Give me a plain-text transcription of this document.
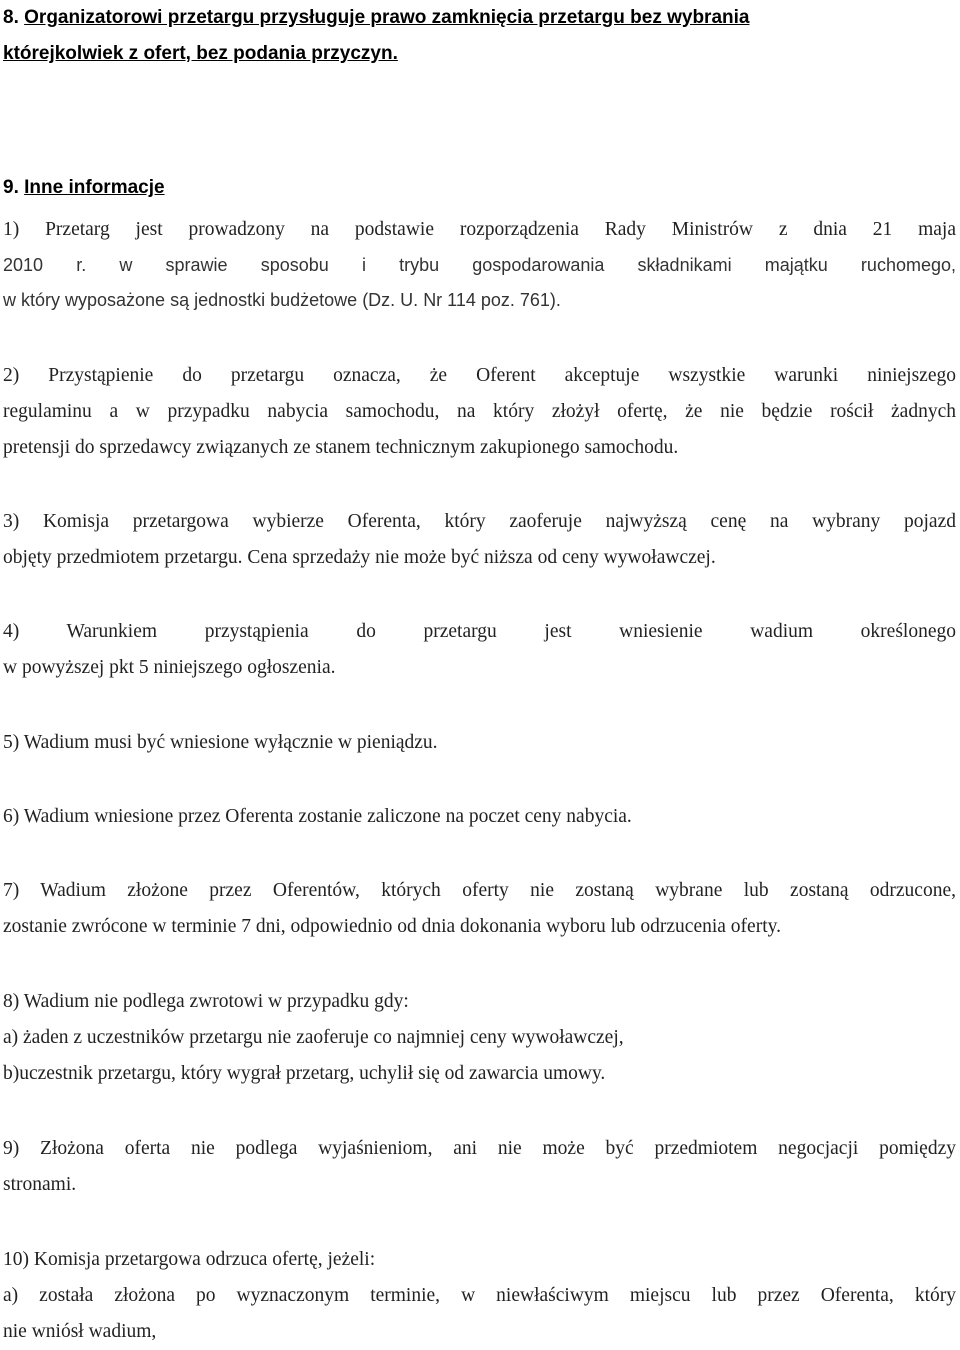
8. Organizatorowi przetargu przysługuje prawo zamknięcia przetargu bez wybrania

którejkolwiek z ofert, bez podania przyczyn.

9. Inne informacje

1) Przetarg jest prowadzony na podstawie rozporządzenia Rady Ministrów z dnia 21 maja

2010 r. w sprawie sposobu i trybu gospodarowania składnikami majątku ruchomego,

w który wyposażone są jednostki budżetowe (Dz. U. Nr 114 poz. 761).

2) Przystąpienie do przetargu oznacza, że Oferent akceptuje wszystkie warunki niniejszego

regulaminu a w przypadku nabycia samochodu, na który złożył ofertę, że nie będzie rościł żadnych

pretensji do sprzedawcy związanych ze stanem technicznym zakupionego samochodu.

3) Komisja przetargowa wybierze Oferenta, który zaoferuje najwyższą cenę na wybrany pojazd

objęty przedmiotem przetargu. Cena sprzedaży nie może być niższa od ceny wywoławczej.

4) Warunkiem przystąpienia do przetargu jest wniesienie wadium określonego

w powyższej pkt 5 niniejszego ogłoszenia.

5) Wadium musi być wniesione wyłącznie w pieniądzu.

6) Wadium wniesione przez Oferenta zostanie zaliczone na poczet ceny nabycia.

7) Wadium złożone przez Oferentów, których oferty nie zostaną wybrane lub zostaną odrzucone,

zostanie zwrócone w terminie 7 dni, odpowiednio od dnia dokonania wyboru lub odrzucenia oferty.

8) Wadium nie podlega zwrotowi w przypadku gdy:

a) żaden z uczestników przetargu nie zaoferuje co najmniej ceny wywoławczej,

b)uczestnik przetargu, który wygrał przetarg, uchylił się od zawarcia umowy.

9) Złożona oferta nie podlega wyjaśnieniom, ani nie może być przedmiotem negocjacji pomiędzy

stronami.

10) Komisja przetargowa odrzuca ofertę, jeżeli:

a) została złożona po wyznaczonym terminie, w niewłaściwym miejscu lub przez Oferenta, który

nie wniósł wadium,
